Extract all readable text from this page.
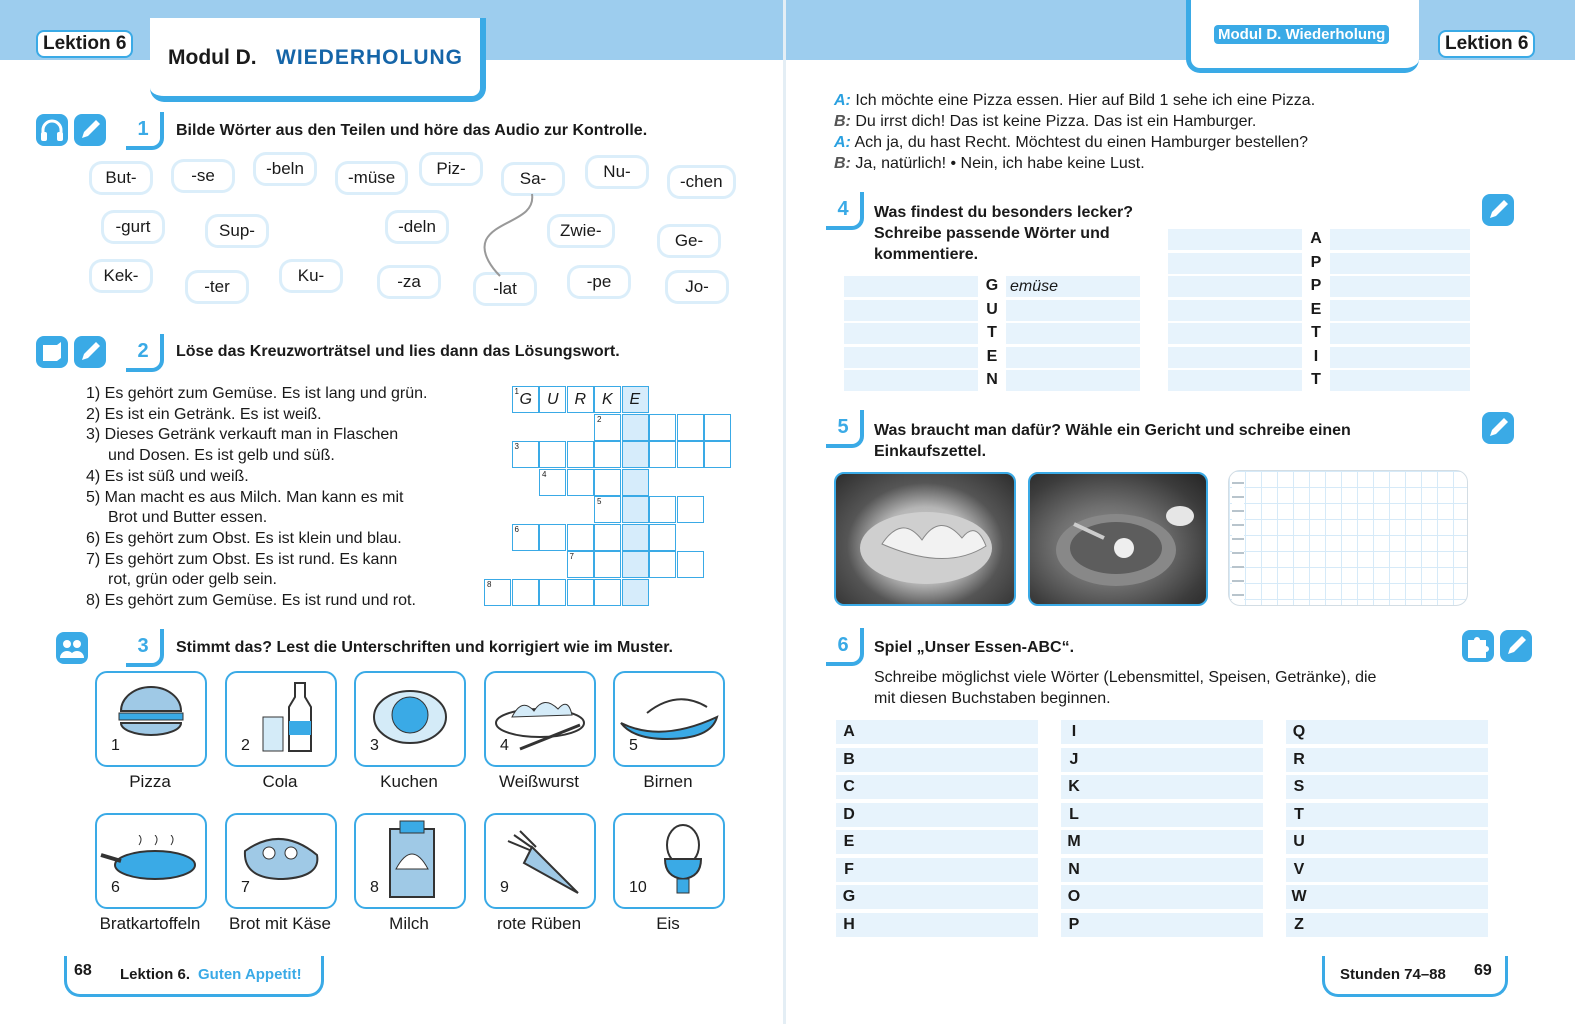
Lektion 6
Modul D. WIEDERHOLUNG
Modul D. Wiederholung	Lektion 6
1	Bilde Wörter aus den Teilen und höre das Audio zur Kontrolle.
But-	-se	-beln	-müse	Piz-
Sa-	Nu-
-chen
-gurt	Sup-	-deln	Zwie-
Ge-
Kek-
-ter
Ku-	-za	-lat	-pe	Jo-
2	Löse das Kreuzworträtsel und lies dann das Lösungswort.
1) Es gehört zum Gemüse. Es ist lang und grün.
2) Es ist ein Getränk. Es ist weiß.
3) Dieses Getränk verkauft man in Flaschen
und Dosen. Es ist gelb und süß.
4) Es ist süß und weiß.
5) Man macht es aus Milch. Man kann es mit
Brot und Butter essen.
6) Es gehört zum Obst. Es ist klein und blau.
7) Es gehört zum Obst. Es ist rund. Es kann
rot, grün oder gelb sein.
8) Es gehört zum Gemüse. Es ist rund und rot.
1 G U R K E
2
3
4
5
6
7
8
3	Stimmt das? Lest die Unterschriften und korrigiert wie im Muster.
1	2	3	4	5
Pizza	Cola	Kuchen	Weißwurst	Birnen
6	7	8	9	10
Bratkartoffeln	Brot mit Käse	Milch	rote Rüben	Eis
68 Lektion 6. Guten Appetit!
A: Ich möchte eine Pizza essen. Hier auf Bild 1 sehe ich eine Pizza.
B: Du irrst dich! Das ist keine Pizza. Das ist ein Hamburger.
A: Ach ja, du hast Recht. Möchtest du einen Hamburger bestellen?
B: Ja, natürlich! • Nein, ich habe keine Lust.
4	Was findest du besonders lecker?
Schreibe passende Wörter und
kommentiere.
G emüse
U
T
E
N
A
P
P
E
T
I
T
5	Was braucht man dafür? Wähle ein Gericht und schreibe einen
Einkaufszettel.
6	Spiel „Unser Essen-ABC“.
Schreibe möglichst viele Wörter (Lebensmittel, Speisen, Getränke), die
mit diesen Buchstaben beginnen.
A
B
C
D
E
F
G
H
I
J
K
L
M
N
O
P
Q
R
S
T
U
V
W
Z
Stunden 74–88 69
